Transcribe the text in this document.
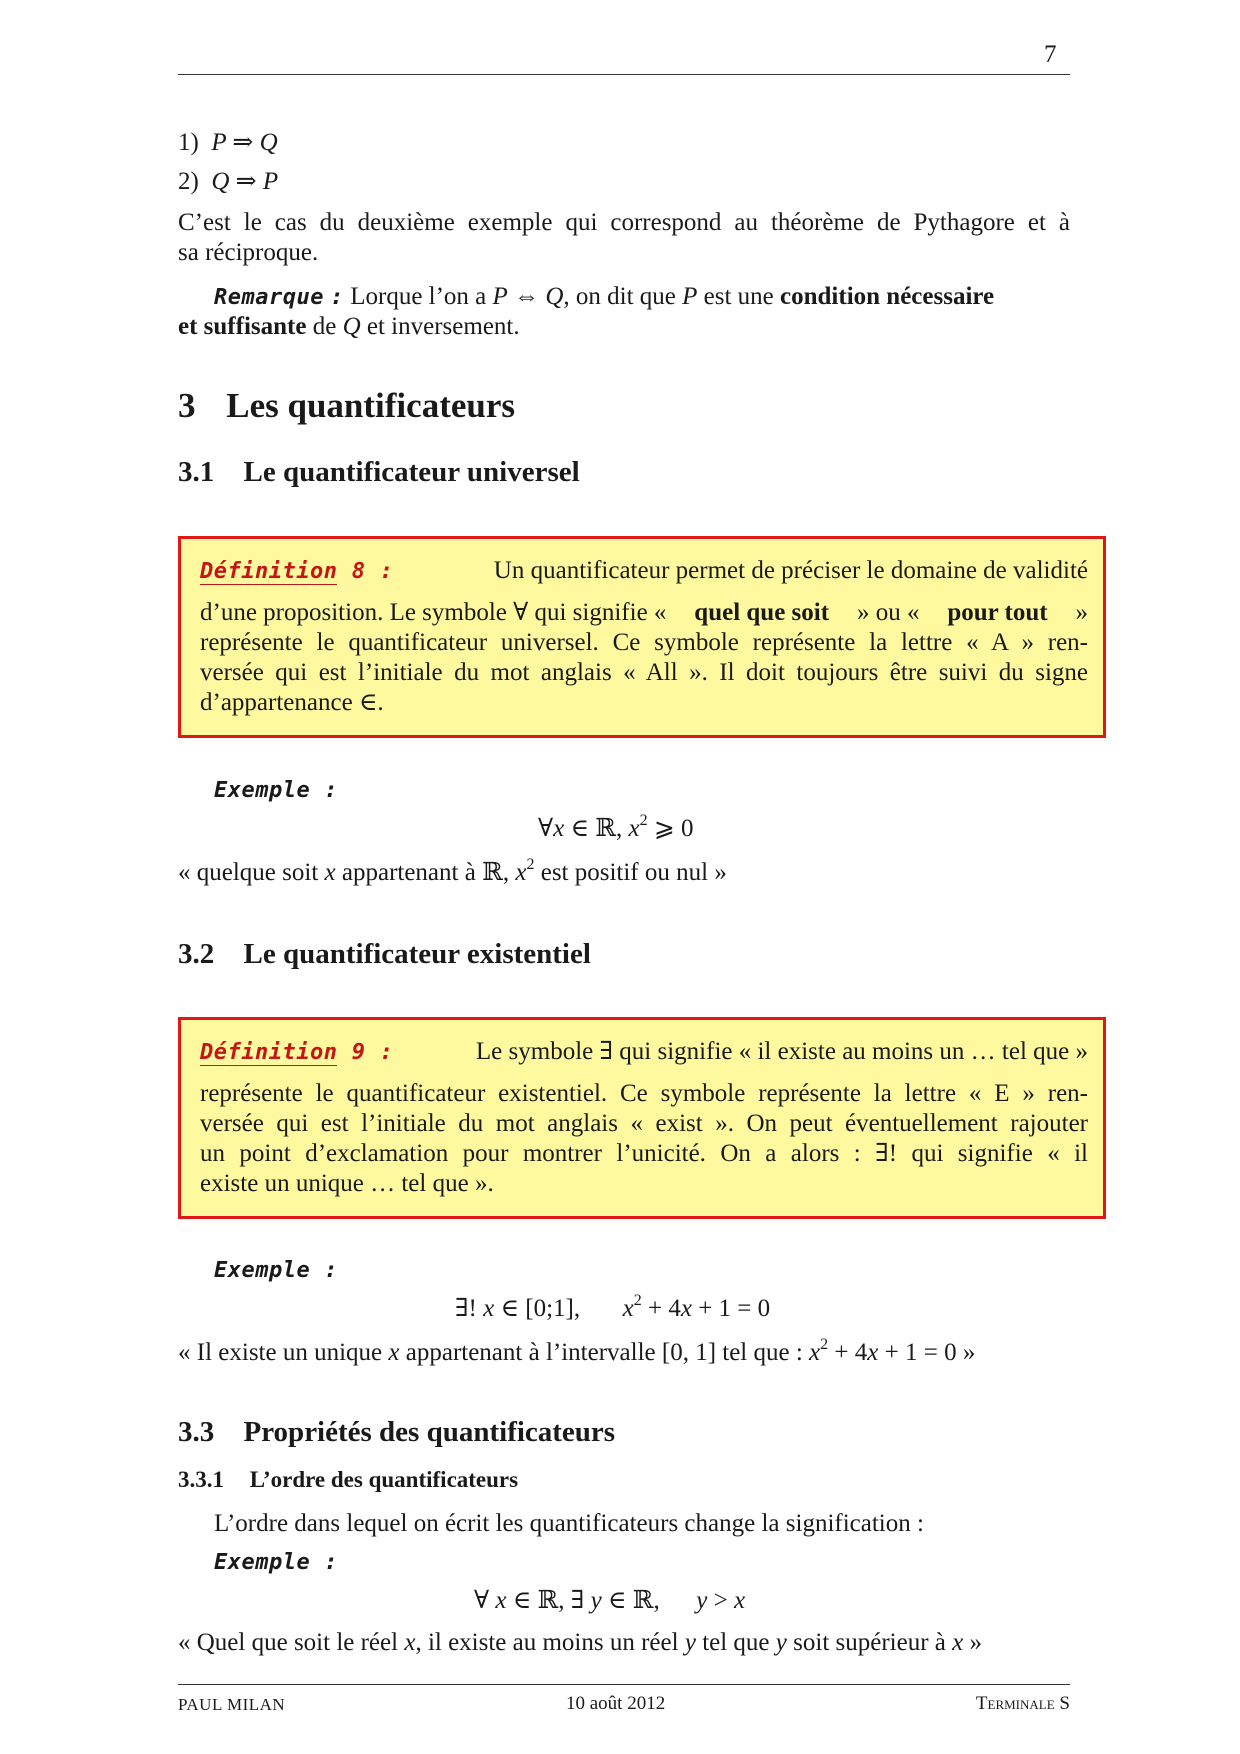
7
1) P ⇒ Q
2) Q ⇒ P
C’est le cas du deuxième exemple qui correspond au théorème de Pythagore et à
sa réciproque.
Remarque : Lorque l’on a P ⇔ Q, on dit que P est une condition nécessaire
et suffisante de Q et inversement.
3 Les quantificateurs
3.1 Le quantificateur universel
Définition 8 :	Un quantificateur permet de préciser le domaine de validité
d’une proposition. Le symbole ∀ qui signifie « quel que soit » ou « pour tout »
représente le quantificateur universel. Ce symbole représente la lettre « A » ren-
versée qui est l’initiale du mot anglais « All ». Il doit toujours être suivi du signe
d’appartenance ∈.
Exemple :
∀x ∈ ℝ, $x^2$ ⩾ 0
« quelque soit x appartenant à ℝ, $x^2$ est positif ou nul »
3.2 Le quantificateur existentiel
Définition 9 :	Le symbole ∃ qui signifie « il existe au moins un … tel que »
représente le quantificateur existentiel. Ce symbole représente la lettre « E » ren-
versée qui est l’initiale du mot anglais « exist ». On peut éventuellement rajouter
un point d’exclamation pour montrer l’unicité. On a alors : ∃! qui signifie « il
existe un unique … tel que ».
Exemple :
∃! x ∈ [0;1], $x^2 + 4x + 1 = 0$
« Il existe un unique x appartenant à l’intervalle [0, 1] tel que : $x^2 + 4x + 1 = 0$ »
3.3 Propriétés des quantificateurs
3.3.1 L’ordre des quantificateurs
L’ordre dans lequel on écrit les quantificateurs change la signification :
Exemple :
∀ x ∈ ℝ, ∃ y ∈ ℝ, y > x
« Quel que soit le réel x, il existe au moins un réel y tel que y soit supérieur à x »
PAUL MILAN	10 août 2012	Terminale S
